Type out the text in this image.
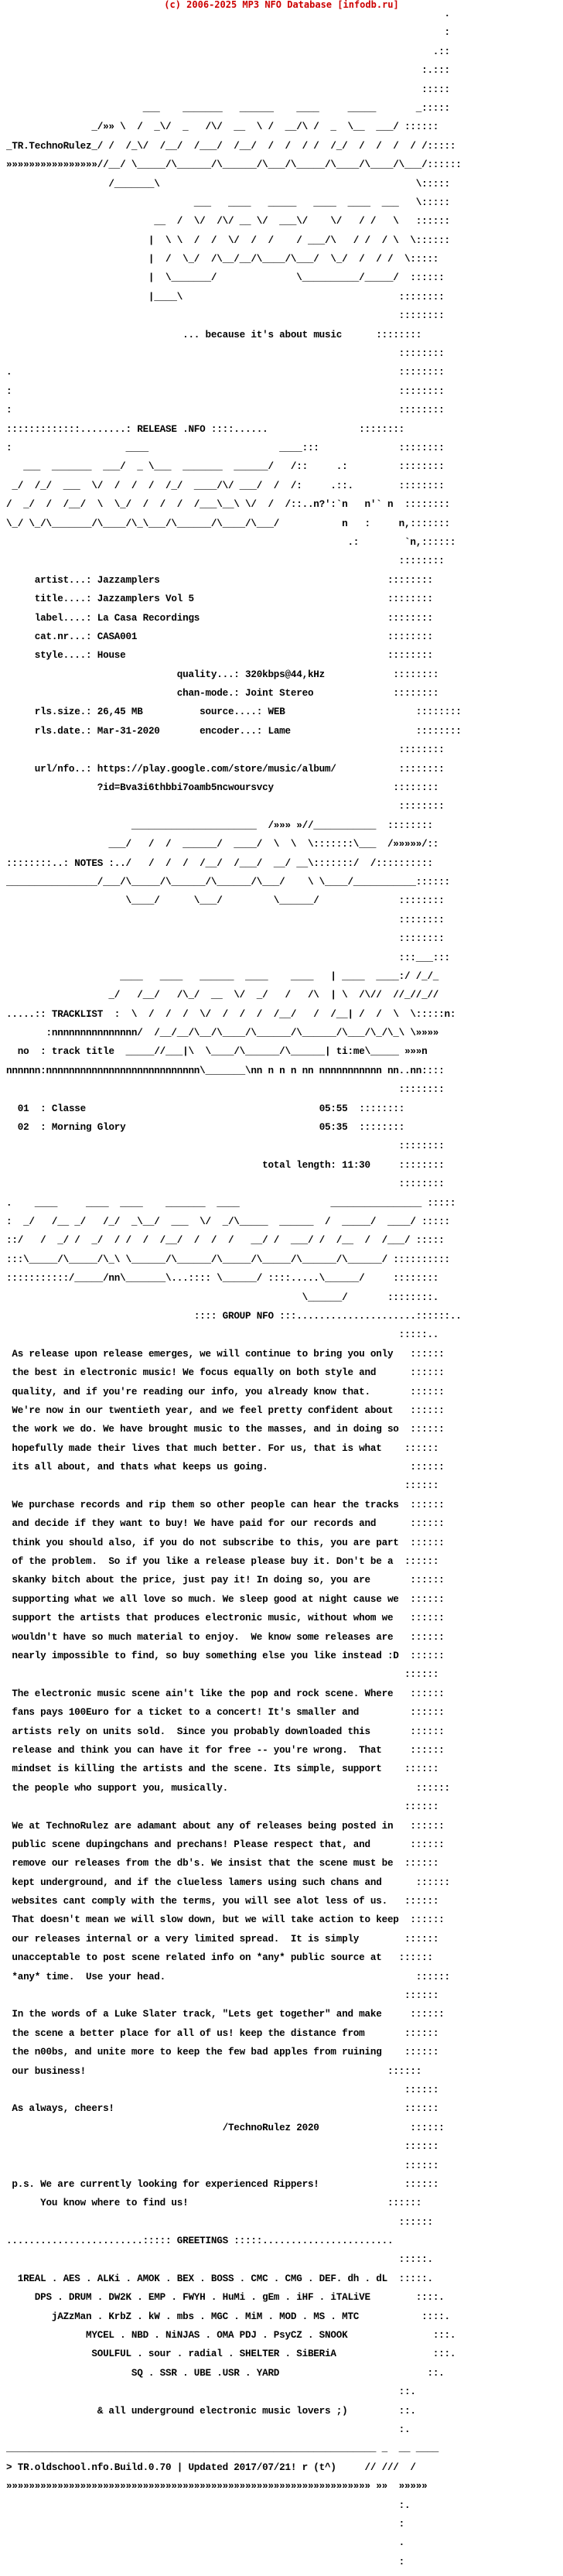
(c) 2006-2025 MP3 NFO Database [infodb.ru]
.

:

.::

:.:::

:::::

___    _______   ______    ____     _____       _:::::

_/»» \  /  _\/  _   /\/  __  \ /  __/\ /  _  \__  ___/ ::::::

_TR.TechnoRulez_/ /  /_\/  /__/  /___/  /__/  /  /  / /  /_/  /  /  /  / /:::::

»»»»»»»»»»»»»»»»//__/ \_____/\______/\______/\___/\_____/\____/\____/\___/::::::

/_______\                                             \:::::

___   ____   _____   ____  ____  ___   \:::::

__  /  \/  /\/ __ \/  ___\/    \/   / /   \   ::::::

|  \ \  /  /  \/  /  /    / ___/\   / /  / \  \::::::

|  /  \_/  /\__/__/\____/\___/  \_/  /  / /  \:::::

|  \_______/              \__________/_____/  ::::::

|____\                                      ::::::::

::::::::

... because it's about music      ::::::::

::::::::

.                                                                    ::::::::

:                                                                    ::::::::

:                                                                    ::::::::

:::::::::::::........: RELEASE .NFO ::::......                ::::::::

:                    ____                       ____:::              ::::::::

___  _______  ___/  _ \___  _______  ______/   /::     .:         ::::::::

_/  /_/  ___  \/  /  /  /  /_/  ____/\/ ___/  /  /:     .::.        ::::::::

/  _/  /  /__/  \  \_/  /  /  /  /___\__\ \/  /  /::..n?':`n   n'` n  ::::::::

\_/ \_/\_______/\____/\_\___/\______/\____/\___/           n   :     n,:::::::

.:        `n,::::::

::::::::

artist...: Jazzamplers                                        ::::::::

title....: Jazzamplers Vol 5                                  ::::::::

label....: La Casa Recordings                                 ::::::::

cat.nr...: CASA001                                            ::::::::

style....: House                                              ::::::::

quality...: 320kbps@44,kHz            ::::::::

chan-mode.: Joint Stereo              ::::::::

rls.size.: 26,45 MB          source....: WEB                       ::::::::

rls.date.: Mar-31-2020       encoder...: Lame                      ::::::::

::::::::

url/nfo..: https://play.google.com/store/music/album/           ::::::::

?id=Bva3i6thbbi7oamb5ncwoursvcy                     ::::::::

::::::::

______________________  /»»» »//___________  ::::::::

___/   /  /  ______/  ____/  \  \  \:::::::\___  /»»»»»/::

::::::::..: NOTES :../   /  /  /  /__/  /___/  __/ __\:::::::/  /::::::::::

________________/___/\_____/\______/\______/\___/    \ \____/___________::::::

\____/      \___/         \______/              ::::::::

::::::::

::::::::

:::___:::

____   ____   ______  ____    ____   | ____  ____:/ /_/_

_/   /__/   /\_/  __  \/  _/   /   /\  | \  /\//  //_//_//

.....:: TRACKLIST  :  \  /  /  /  \/  /  /  /  /__/   /  /__| /  /  \  \:::::n:

:nnnnnnnnnnnnnnn/  /__/__/\__/\____/\______/\______/\___/\_/\_\ \»»»»

no  : track title  _____//___|\  \____/\______/\______| ti:me\_____ »»»n

nnnnnn:nnnnnnnnnnnnnnnnnnnnnnnnnnn\_______\nn n n n nn nnnnnnnnnnn nn..nn::::

::::::::

01  : Classe	05:55  ::::::::

02  : Morning Glory	05:35  ::::::::

::::::::

total length: 11:30     ::::::::

::::::::

.    ____     ____  ____    _______  ____                ________________ :::::

:  _/   /__ _/   /_/  _\__/  ___  \/  _/\_____  ______  /  _____/  ____/ :::::

::/   /  _/ /  _/  / /  /  /__/  /  /  /   __/ /  ___/ /  /__  /  /___/ :::::

:::\_____/\_____/\_\ \______/\______/\_____/\_____/\______/\______/ ::::::::::

:::::::::::/_____/nn\_______\...:::: \______/ ::::.....\______/     ::::::::

\______/       ::::::::.

:::: GROUP NFO :::.....................::::::..

:::::..

As release upon release emerges, we will continue to bring you only   ::::::

the best in electronic music! We focus equally on both style and      ::::::

quality, and if you're reading our info, you already know that.       ::::::

We're now in our twentieth year, and we feel pretty confident about   ::::::

the work we do. We have brought music to the masses, and in doing so  ::::::

hopefully made their lives that much better. For us, that is what    ::::::

its all about, and thats what keeps us going.                         ::::::

::::::

We purchase records and rip them so other people can hear the tracks  ::::::

and decide if they want to buy! We have paid for our records and      ::::::

think you should also, if you do not subscribe to this, you are part  ::::::

of the problem.  So if you like a release please buy it. Don't be a  ::::::

skanky bitch about the price, just pay it! In doing so, you are       ::::::

supporting what we all love so much. We sleep good at night cause we  ::::::

support the artists that produces electronic music, without whom we   ::::::

wouldn't have so much material to enjoy.  We know some releases are   ::::::

nearly impossible to find, so buy something else you like instead :D  ::::::

::::::

The electronic music scene ain't like the pop and rock scene. Where   ::::::

fans pays 100Euro for a ticket to a concert! It's smaller and         ::::::

artists rely on units sold.  Since you probably downloaded this       ::::::

release and think you can have it for free -- you're wrong.  That     ::::::

mindset is killing the artists and the scene. Its simple, support    ::::::

the people who support you, musically.                                 ::::::

::::::

We at TechnoRulez are adamant about any of releases being posted in   ::::::

public scene dupingchans and prechans! Please respect that, and       ::::::

remove our releases from the db's. We insist that the scene must be  ::::::

kept underground, and if the clueless lamers using such chans and      ::::::

websites cant comply with the terms, you will see alot less of us.   ::::::

That doesn't mean we will slow down, but we will take action to keep  ::::::

our releases internal or a very limited spread.  It is simply        ::::::

unacceptable to post scene related info on *any* public source at   ::::::

*any* time.  Use your head.                                            ::::::

::::::

In the words of a Luke Slater track, "Lets get together" and make     ::::::

the scene a better place for all of us! keep the distance from       ::::::

the n00bs, and unite more to keep the few bad apples from ruining    ::::::

our business!                                                     ::::::

::::::

As always, cheers!                                                   ::::::

/TechnoRulez 2020                ::::::

::::::

::::::

p.s. We are currently looking for experienced Rippers!               ::::::

You know where to find us!                                   ::::::

::::::

........................::::: GREETINGS :::::.......................

:::::.

1REAL . AES . ALKi . AMOK . BEX . BOSS . CMC . CMG . DEF. dh . dL  :::::.

DPS . DRUM . DW2K . EMP . FWYH . HuMi . gEm . iHF . iTALiVE        ::::.

jAZzMan . KrbZ . kW . mbs . MGC . MiM . MOD . MS . MTC           ::::.

MYCEL . NBD . NiNJAS . OMA PDJ . PsyCZ . SNOOK               :::.

SOULFUL . sour . radial . SHELTER . SiBERiA                 :::.

SQ . SSR . UBE .USR . YARD                          ::.

::.

& all underground electronic music lovers ;)         ::.

:.

_________________________________________________________________ _  __ ____

> TR.oldschool.nfo.Build.0.70 | Updated 2017/07/21! r (t^)     // ///  /

»»»»»»»»»»»»»»»»»»»»»»»»»»»»»»»»»»»»»»»»»»»»»»»»»»»»»»»»»»»»»»»» »»  »»»»»

:.

:

.

:
